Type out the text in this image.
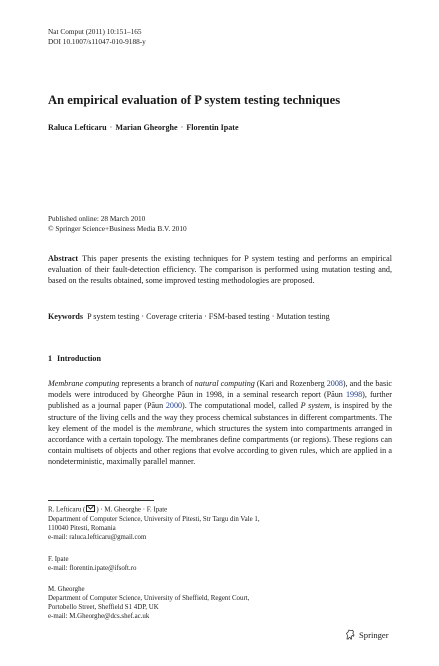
Nat Comput (2011) 10:151–165
DOI 10.1007/s11047-010-9188-y
An empirical evaluation of P system testing techniques
Raluca Lefticaru · Marian Gheorghe · Florentin Ipate
Published online: 28 March 2010
© Springer Science+Business Media B.V. 2010
Abstract This paper presents the existing techniques for P system testing and performs an empirical evaluation of their fault-detection efficiency. The comparison is performed using mutation testing and, based on the results obtained, some improved testing methodologies are proposed.
Keywords P system testing · Coverage criteria · FSM-based testing · Mutation testing
1 Introduction

Membrane computing represents a branch of natural computing (Kari and Rozenberg 2008), and the basic models were introduced by Gheorghe Păun in 1998, in a seminal research report (Păun 1998), further published as a journal paper (Păun 2000). The computational model, called P system, is inspired by the structure of the living cells and the way they process chemical substances in different compartments. The key element of the model is the membrane, which structures the system into compartments arranged in accordance with a certain topology. The membranes define compartments (or regions). These regions can contain multisets of objects and other regions that evolve according to given rules, which are applied in a nondeterministic, maximally parallel manner.

R. Lefticaru ( ) · M. Gheorghe · F. Ipate
Department of Computer Science, University of Pitesti, Str Targu din Vale 1,
110040 Pitesti, Romania
e-mail: raluca.lefticaru@gmail.com
F. Ipate
e-mail: florentin.ipate@ifsoft.ro
M. Gheorghe
Department of Computer Science, University of Sheffield, Regent Court,
Portobello Street, Sheffield S1 4DP, UK
e-mail: M.Gheorghe@dcs.shef.ac.uk
Springer
